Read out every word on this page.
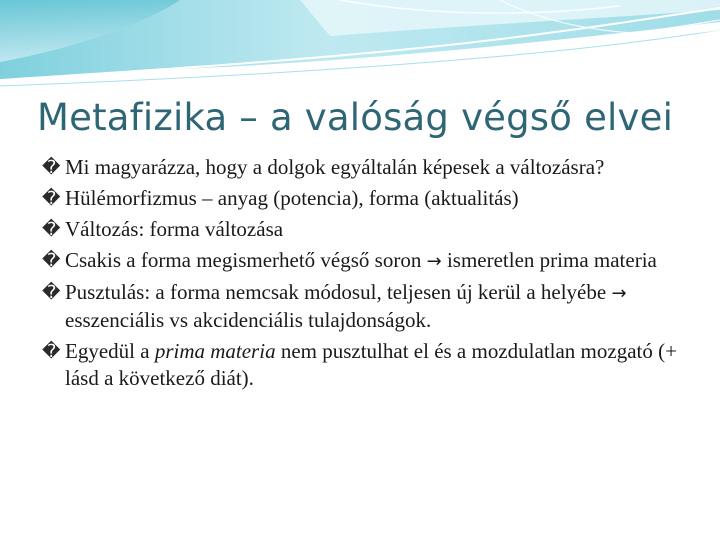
Metafizika – a valóság végső elvei
� Mi magyarázza, hogy a dolgok egyáltalán képesek a változásra?
� Hülémorfizmus – anyag (potencia), forma (aktualitás)
� Változás: forma változása
� Csakis a forma megismerhető végső soron → ismeretlen prima materia
� Pusztulás: a forma nemcsak módosul, teljesen új kerül a helyébe → esszenciális vs akcidenciális tulajdonságok.
� Egyedül a prima materia nem pusztulhat el és a mozdulatlan mozgató (+ lásd a következő diát).
